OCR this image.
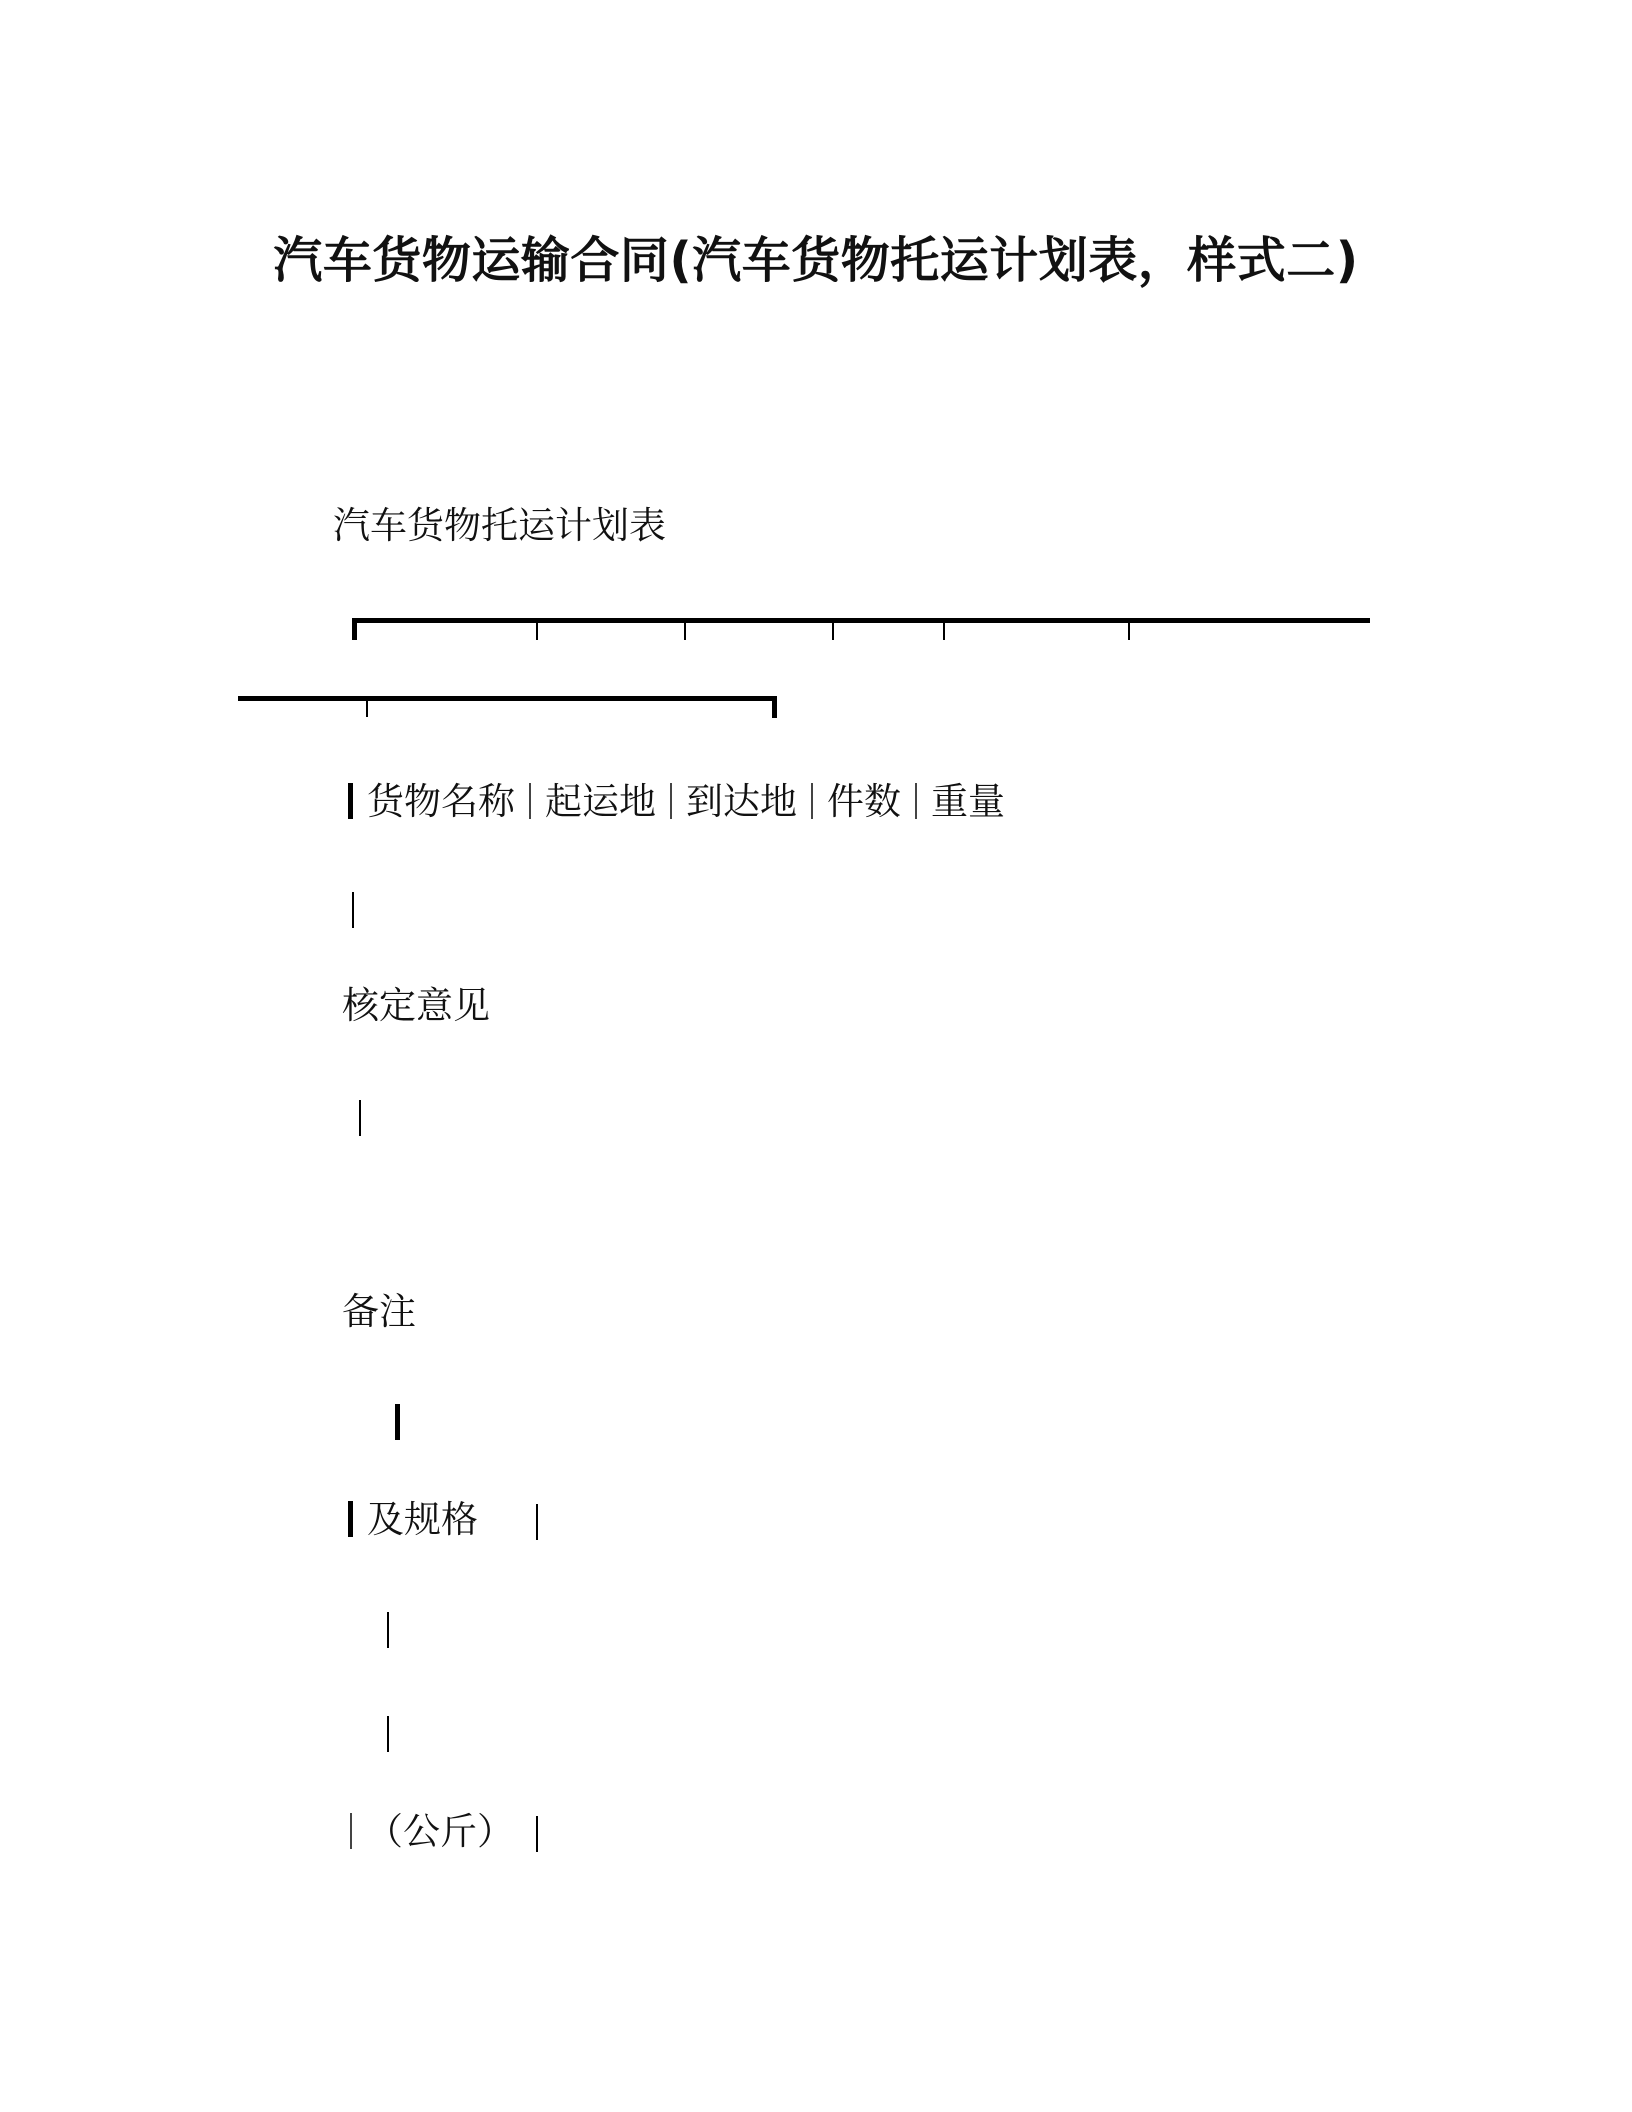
汽车货物运输合同(汽车货物托运计划表，样式二)
汽车货物托运计划表
货物名称 起运地 到达地 件数 重量
核定意见
备注
及规格
（公斤）
